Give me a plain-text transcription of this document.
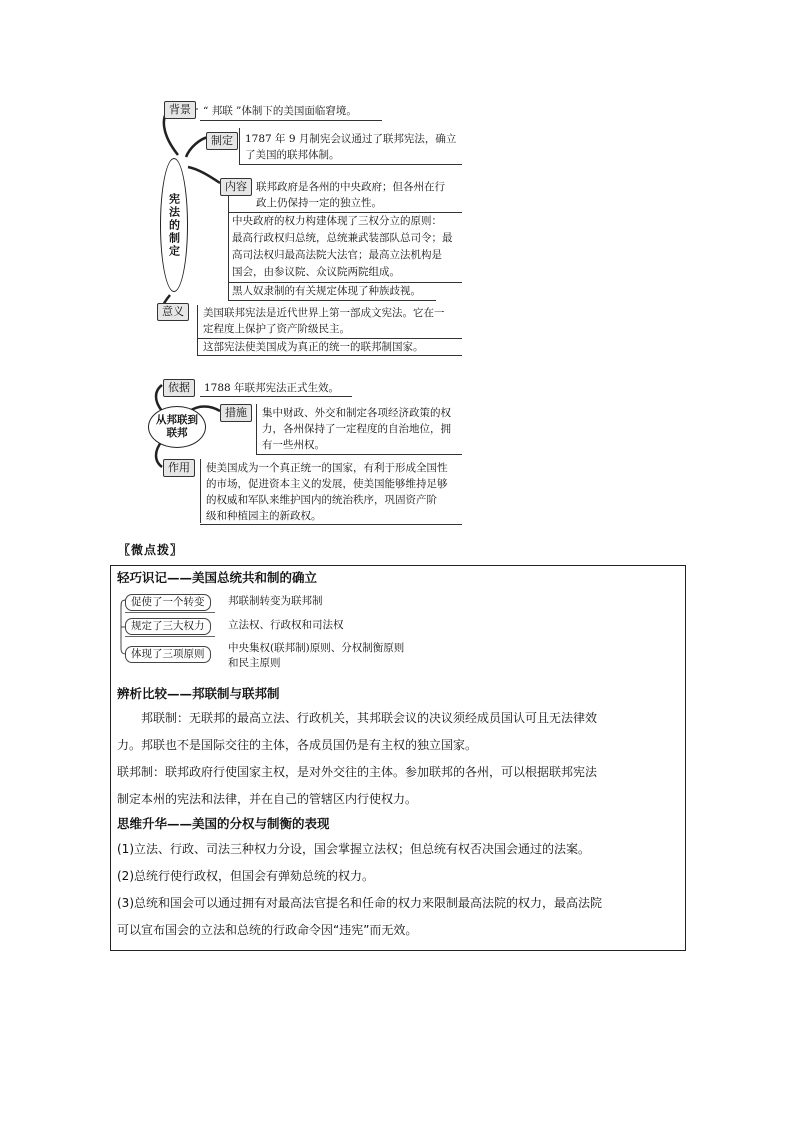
宪法的制定
背景	“ 邦联 ”体制下的美国面临窘境。
制定	1787 年 9 月制宪会议通过了联邦宪法，确立
了美国的联邦体制。
内容 联邦政府是各州的中央政府；但各州在行
政上仍保持一定的独立性。
中央政府的权力构建体现了三权分立的原则：
最高行政权归总统，总统兼武装部队总司令；最
高司法权归最高法院大法官；最高立法机构是
国会，由参议院、众议院两院组成。
黑人奴隶制的有关规定体现了种族歧视。
意义	美国联邦宪法是近代世界上第一部成文宪法。它在一
定程度上保护了资产阶级民主。
这部宪法使美国成为真正的统一的联邦制国家。
从邦联到联邦
依据	1788 年联邦宪法正式生效。
措施	集中财政、外交和制定各项经济政策的权
力，各州保持了一定程度的自治地位，拥
有一些州权。
作用	使美国成为一个真正统一的国家，有利于形成全国性
的市场，促进资本主义的发展，使美国能够维持足够
的权威和军队来维护国内的统治秩序，巩固资产阶
级和种植园主的新政权。
〖微点拨〗
轻巧识记——美国总统共和制的确立
促使了一个转变	邦联制转变为联邦制
规定了三大权力	立法权、行政权和司法权
体现了三项原则	中央集权(联邦制)原则、分权制衡原则
和民主原则
辨析比较——邦联制与联邦制
邦联制：无联邦的最高立法、行政机关，其邦联会议的决议须经成员国认可且无法律效
力。邦联也不是国际交往的主体，各成员国仍是有主权的独立国家。
联邦制：联邦政府行使国家主权，是对外交往的主体。参加联邦的各州，可以根据联邦宪法
制定本州的宪法和法律，并在自己的管辖区内行使权力。
思维升华——美国的分权与制衡的表现
(1)立法、行政、司法三种权力分设，国会掌握立法权；但总统有权否决国会通过的法案。
(2)总统行使行政权，但国会有弹劾总统的权力。
(3)总统和国会可以通过拥有对最高法官提名和任命的权力来限制最高法院的权力，最高法院
可以宣布国会的立法和总统的行政命令因“违宪”而无效。
